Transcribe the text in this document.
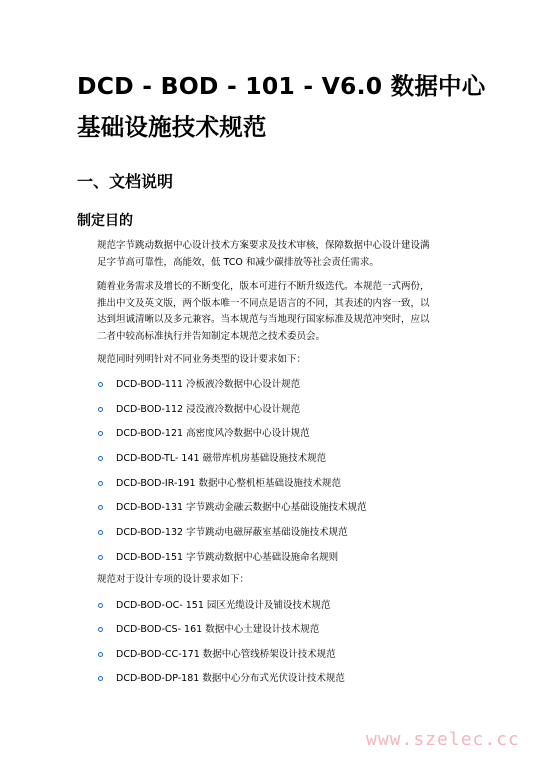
DCD - BOD - 101 - V6.0 数据中心
基础设施技术规范
一、文档说明
制定目的

规范字节跳动数据中心设计技术方案要求及技术审核，保障数据中心设计建设满
足字节高可靠性，高能效，低 TCO 和减少碳排放等社会责任需求。

随着业务需求及增长的不断变化，版本可进行不断升级迭代。本规范一式两份，
推出中文及英文版，两个版本唯一不同点是语言的不同，其表述的内容一致，以
达到坦诚清晰以及多元兼容。当本规范与当地现行国家标准及规范冲突时，应以
二者中较高标准执行并告知制定本规范之技术委员会。

规范同时列明针对不同业务类型的设计要求如下：

DCD-BOD-111 冷板液冷数据中心设计规范
DCD-BOD-112 浸没液冷数据中心设计规范
DCD-BOD-121 高密度风冷数据中心设计规范
DCD-BOD-TL- 141 磁带库机房基础设施技术规范
DCD-BOD-IR-191 数据中心整机柜基础设施技术规范
DCD-BOD-131 字节跳动金融云数据中心基础设施技术规范
DCD-BOD-132 字节跳动电磁屏蔽室基础设施技术规范
DCD-BOD-151 字节跳动数据中心基础设施命名规则

规范对于设计专项的设计要求如下：

DCD-BOD-OC- 151 园区光缆设计及铺设技术规范
DCD-BOD-CS- 161 数据中心土建设计技术规范
DCD-BOD-CC-171 数据中心管线桥架设计技术规范
DCD-BOD-DP-181 数据中心分布式光伏设计技术规范
www.szelec.cc
